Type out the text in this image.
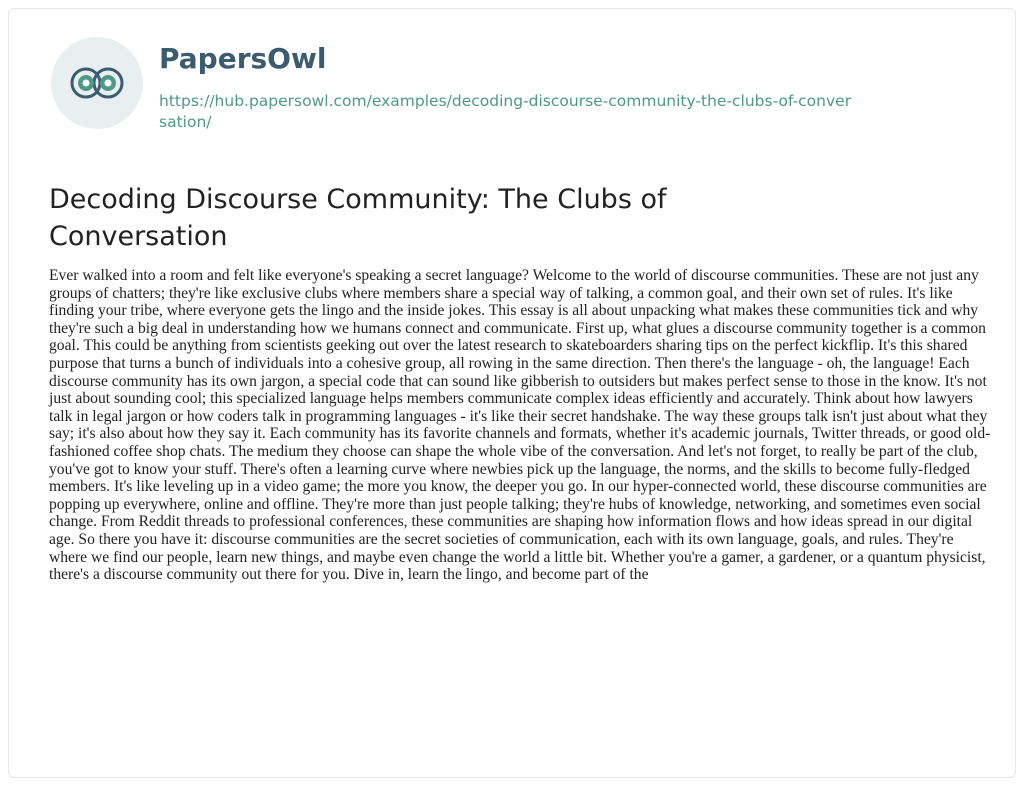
PapersOwl
https://hub.papersowl.com/examples/decoding-discourse-community-the-clubs-of-conversation/
Decoding Discourse Community: The Clubs of Conversation

Ever walked into a room and felt like everyone's speaking a secret language? Welcome to the world of discourse communities. These are not just any groups of chatters; they're like exclusive clubs where members share a special way of talking, a common goal, and their own set of rules. It's like finding your tribe, where everyone gets the lingo and the inside jokes. This essay is all about unpacking what makes these communities tick and why they're such a big deal in understanding how we humans connect and communicate. First up, what glues a discourse community together is a common goal. This could be anything from scientists geeking out over the latest research to skateboarders sharing tips on the perfect kickflip. It's this shared purpose that turns a bunch of individuals into a cohesive group, all rowing in the same direction. Then there's the language - oh, the language! Each discourse community has its own jargon, a special code that can sound like gibberish to outsiders but makes perfect sense to those in the know. It's not just about sounding cool; this specialized language helps members communicate complex ideas efficiently and accurately. Think about how lawyers talk in legal jargon or how coders talk in programming languages - it's like their secret handshake. The way these groups talk isn't just about what they say; it's also about how they say it. Each community has its favorite channels and formats, whether it's academic journals, Twitter threads, or good old-fashioned coffee shop chats. The medium they choose can shape the whole vibe of the conversation. And let's not forget, to really be part of the club, you've got to know your stuff. There's often a learning curve where newbies pick up the language, the norms, and the skills to become fully-fledged members. It's like leveling up in a video game; the more you know, the deeper you go. In our hyper-connected world, these discourse communities are popping up everywhere, online and offline. They're more than just people talking; they're hubs of knowledge, networking, and sometimes even social change. From Reddit threads to professional conferences, these communities are shaping how information flows and how ideas spread in our digital age. So there you have it: discourse communities are the secret societies of communication, each with its own language, goals, and rules. They're where we find our people, learn new things, and maybe even change the world a little bit. Whether you're a gamer, a gardener, or a quantum physicist, there's a discourse community out there for you. Dive in, learn the lingo, and become part of the
